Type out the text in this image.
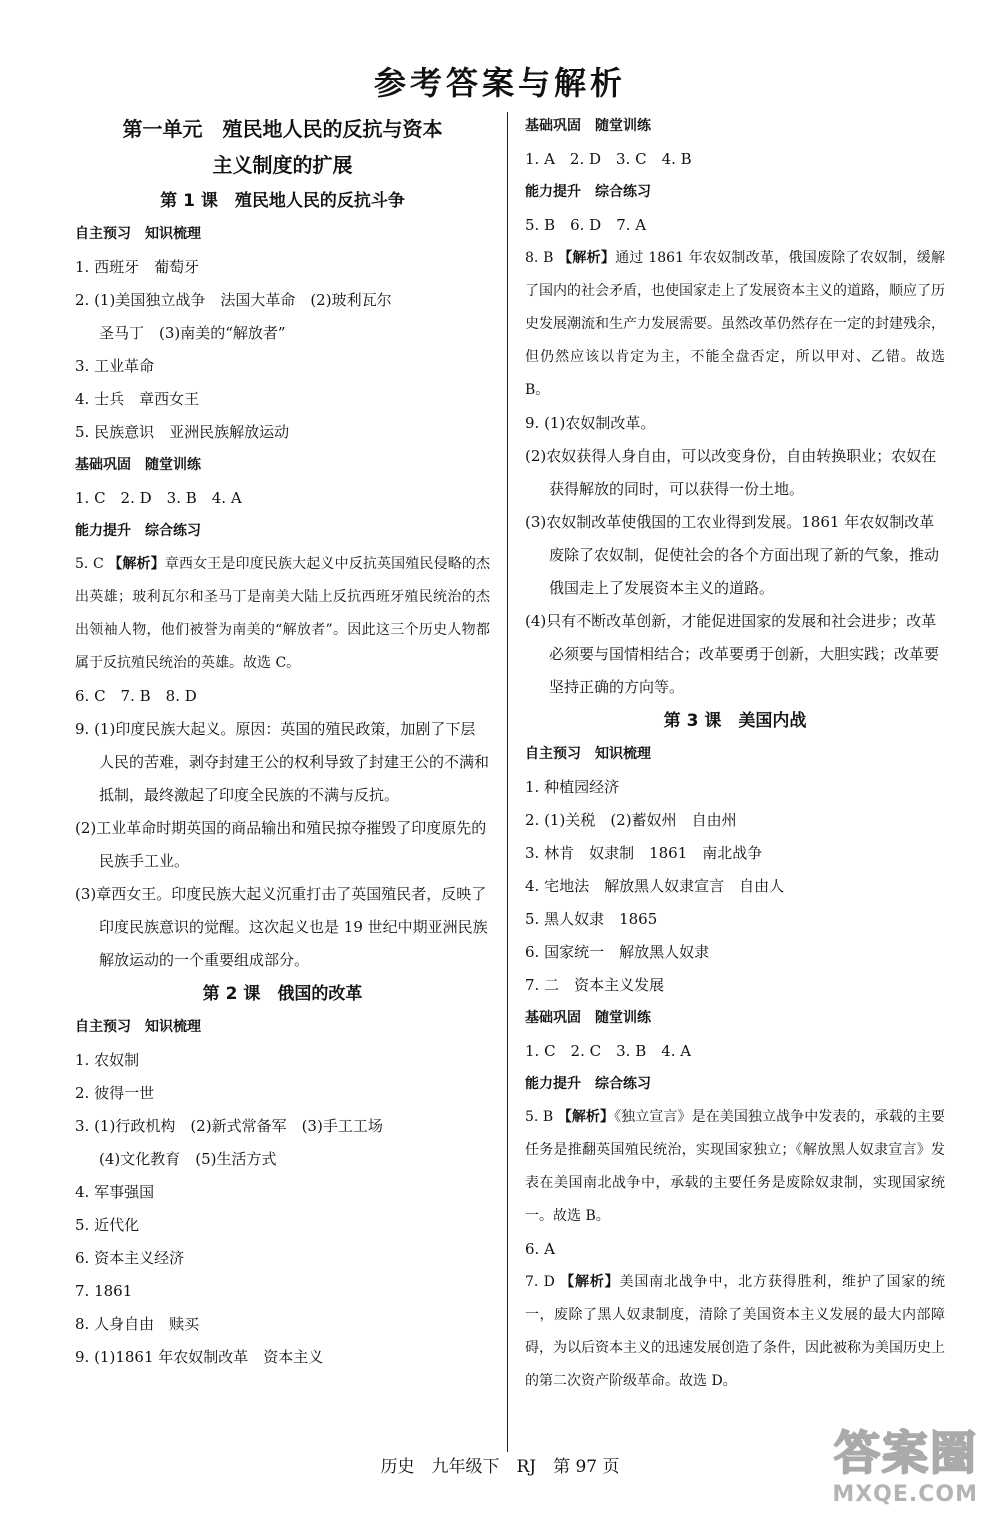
参考答案与解析

第一单元　殖民地人民的反抗与资本

主义制度的扩展

第 1 课　殖民地人民的反抗斗争

自主预习　知识梳理

1. 西班牙　葡萄牙

2. (1)美国独立战争　法国大革命　(2)玻利瓦尔

圣马丁　(3)南美的“解放者”

3. 工业革命

4. 士兵　章西女王

5. 民族意识　亚洲民族解放运动

基础巩固　随堂训练

1. C　2. D　3. B　4. A

能力提升　综合练习

5. C 【解析】章西女王是印度民族大起义中反抗英国殖民侵略的杰出英雄；玻利瓦尔和圣马丁是南美大陆上反抗西班牙殖民统治的杰出领袖人物，他们被誉为南美的“解放者”。因此这三个历史人物都属于反抗殖民统治的英雄。故选 C。

6. C　7. B　8. D

9. (1)印度民族大起义。原因：英国的殖民政策，加剧了下层人民的苦难，剥夺封建王公的权利导致了封建王公的不满和抵制，最终激起了印度全民族的不满与反抗。

(2)工业革命时期英国的商品输出和殖民掠夺摧毁了印度原先的民族手工业。

(3)章西女王。印度民族大起义沉重打击了英国殖民者，反映了印度民族意识的觉醒。这次起义也是 19 世纪中期亚洲民族解放运动的一个重要组成部分。

第 2 课　俄国的改革

自主预习　知识梳理

1. 农奴制

2. 彼得一世

3. (1)行政机构　(2)新式常备军　(3)手工工场

(4)文化教育　(5)生活方式

4. 军事强国

5. 近代化

6. 资本主义经济

7. 1861

8. 人身自由　赎买

9. (1)1861 年农奴制改革　资本主义

基础巩固　随堂训练

1. A　2. D　3. C　4. B

能力提升　综合练习

5. B　6. D　7. A

8. B 【解析】通过 1861 年农奴制改革，俄国废除了农奴制，缓解了国内的社会矛盾，也使国家走上了发展资本主义的道路，顺应了历史发展潮流和生产力发展需要。虽然改革仍然存在一定的封建残余，但仍然应该以肯定为主，不能全盘否定，所以甲对、乙错。故选 B。

9. (1)农奴制改革。

(2)农奴获得人身自由，可以改变身份，自由转换职业；农奴在获得解放的同时，可以获得一份土地。

(3)农奴制改革使俄国的工农业得到发展。1861 年农奴制改革废除了农奴制，促使社会的各个方面出现了新的气象，推动俄国走上了发展资本主义的道路。

(4)只有不断改革创新，才能促进国家的发展和社会进步；改革必须要与国情相结合；改革要勇于创新，大胆实践；改革要坚持正确的方向等。

第 3 课　美国内战

自主预习　知识梳理

1. 种植园经济

2. (1)关税　(2)蓄奴州　自由州

3. 林肯　奴隶制　1861　南北战争

4. 宅地法　解放黑人奴隶宣言　自由人

5. 黑人奴隶　1865

6. 国家统一　解放黑人奴隶

7. 二　资本主义发展

基础巩固　随堂训练

1. C　2. C　3. B　4. A

能力提升　综合练习

5. B 【解析】《独立宣言》是在美国独立战争中发表的，承载的主要任务是推翻英国殖民统治，实现国家独立；《解放黑人奴隶宣言》发表在美国南北战争中，承载的主要任务是废除奴隶制，实现国家统一。故选 B。

6. A

7. D 【解析】美国南北战争中，北方获得胜利，维护了国家的统一，废除了黑人奴隶制度，清除了美国资本主义发展的最大内部障碍，为以后资本主义的迅速发展创造了条件，因此被称为美国历史上的第二次资产阶级革命。故选 D。

历史　九年级下　RJ　第 97 页	答案圈
MXQE.COM
